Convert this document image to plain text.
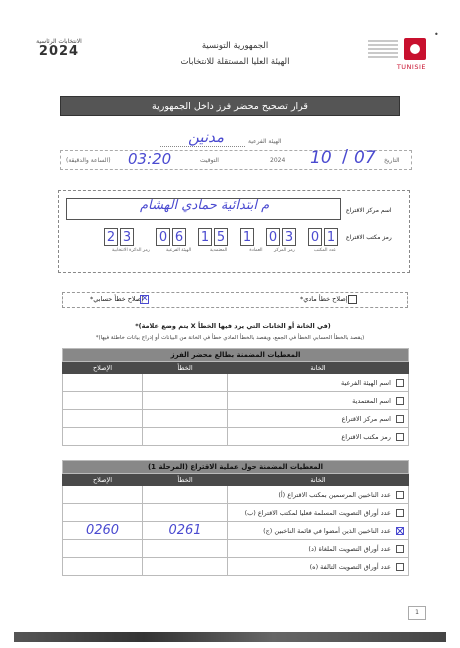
•
الانتخابات الرئاسية
2024	الجمهورية التونسية
الهيئة العليا المستقلة للانتخابات	TUNISIE
قرار تصحيح محضر فرز داخل الجمهورية
الهيئة الفرعية
مدنين
التاريخ
10 / 07
2024
التوقيت
03:20
(الساعة والدقيقة)
اسم مركز الاقتراع
م ابتدائية حمادي الهشام
رمز مكتب الاقتراع
2 3 0 6 1 5 1 0 3 0 1
عدد المكتب
رمز المركز
العمادة
المعتمدية
الهيئة الفرعية
رمز الدائرة الانتخابية
*إصلاح خطأ مادي
*إصلاح خطأ حسابي
✕
*(يتم وضع علامة X في الخانة أو الخانات التي يرد فيها الخطأ)
*(يقصد بالخطأ الحسابي الخطأ في الجمع، ويقصد بالخطأ المادي خطأ في الخانة من البيانات أو إدراج بيانات خاطئة فيها)
المعطيات المضمنة بطالع محضر الفرز		
الإصلاح	الخطأ	الخانة
		اسم الهيئة الفرعية
		اسم المعتمدية
		اسم مركز الاقتراع
		رمز مكتب الاقتراع
المعطيات المضمنة حول عملية الاقتراع (المرحلة 1)		
الإصلاح	الخطأ	الخانة
		عدد الناخبين المرسمين بمكتب الاقتراع (أ)
		عدد أوراق التصويت المسلمة فعليا لمكتب الاقتراع (ب)
0260	0261	عدد الناخبين الذين أمضوا في قائمة الناخبين (ج)
		عدد أوراق التصويت الملغاة (د)
		عدد أوراق التصويت التالفة (ه)
1
